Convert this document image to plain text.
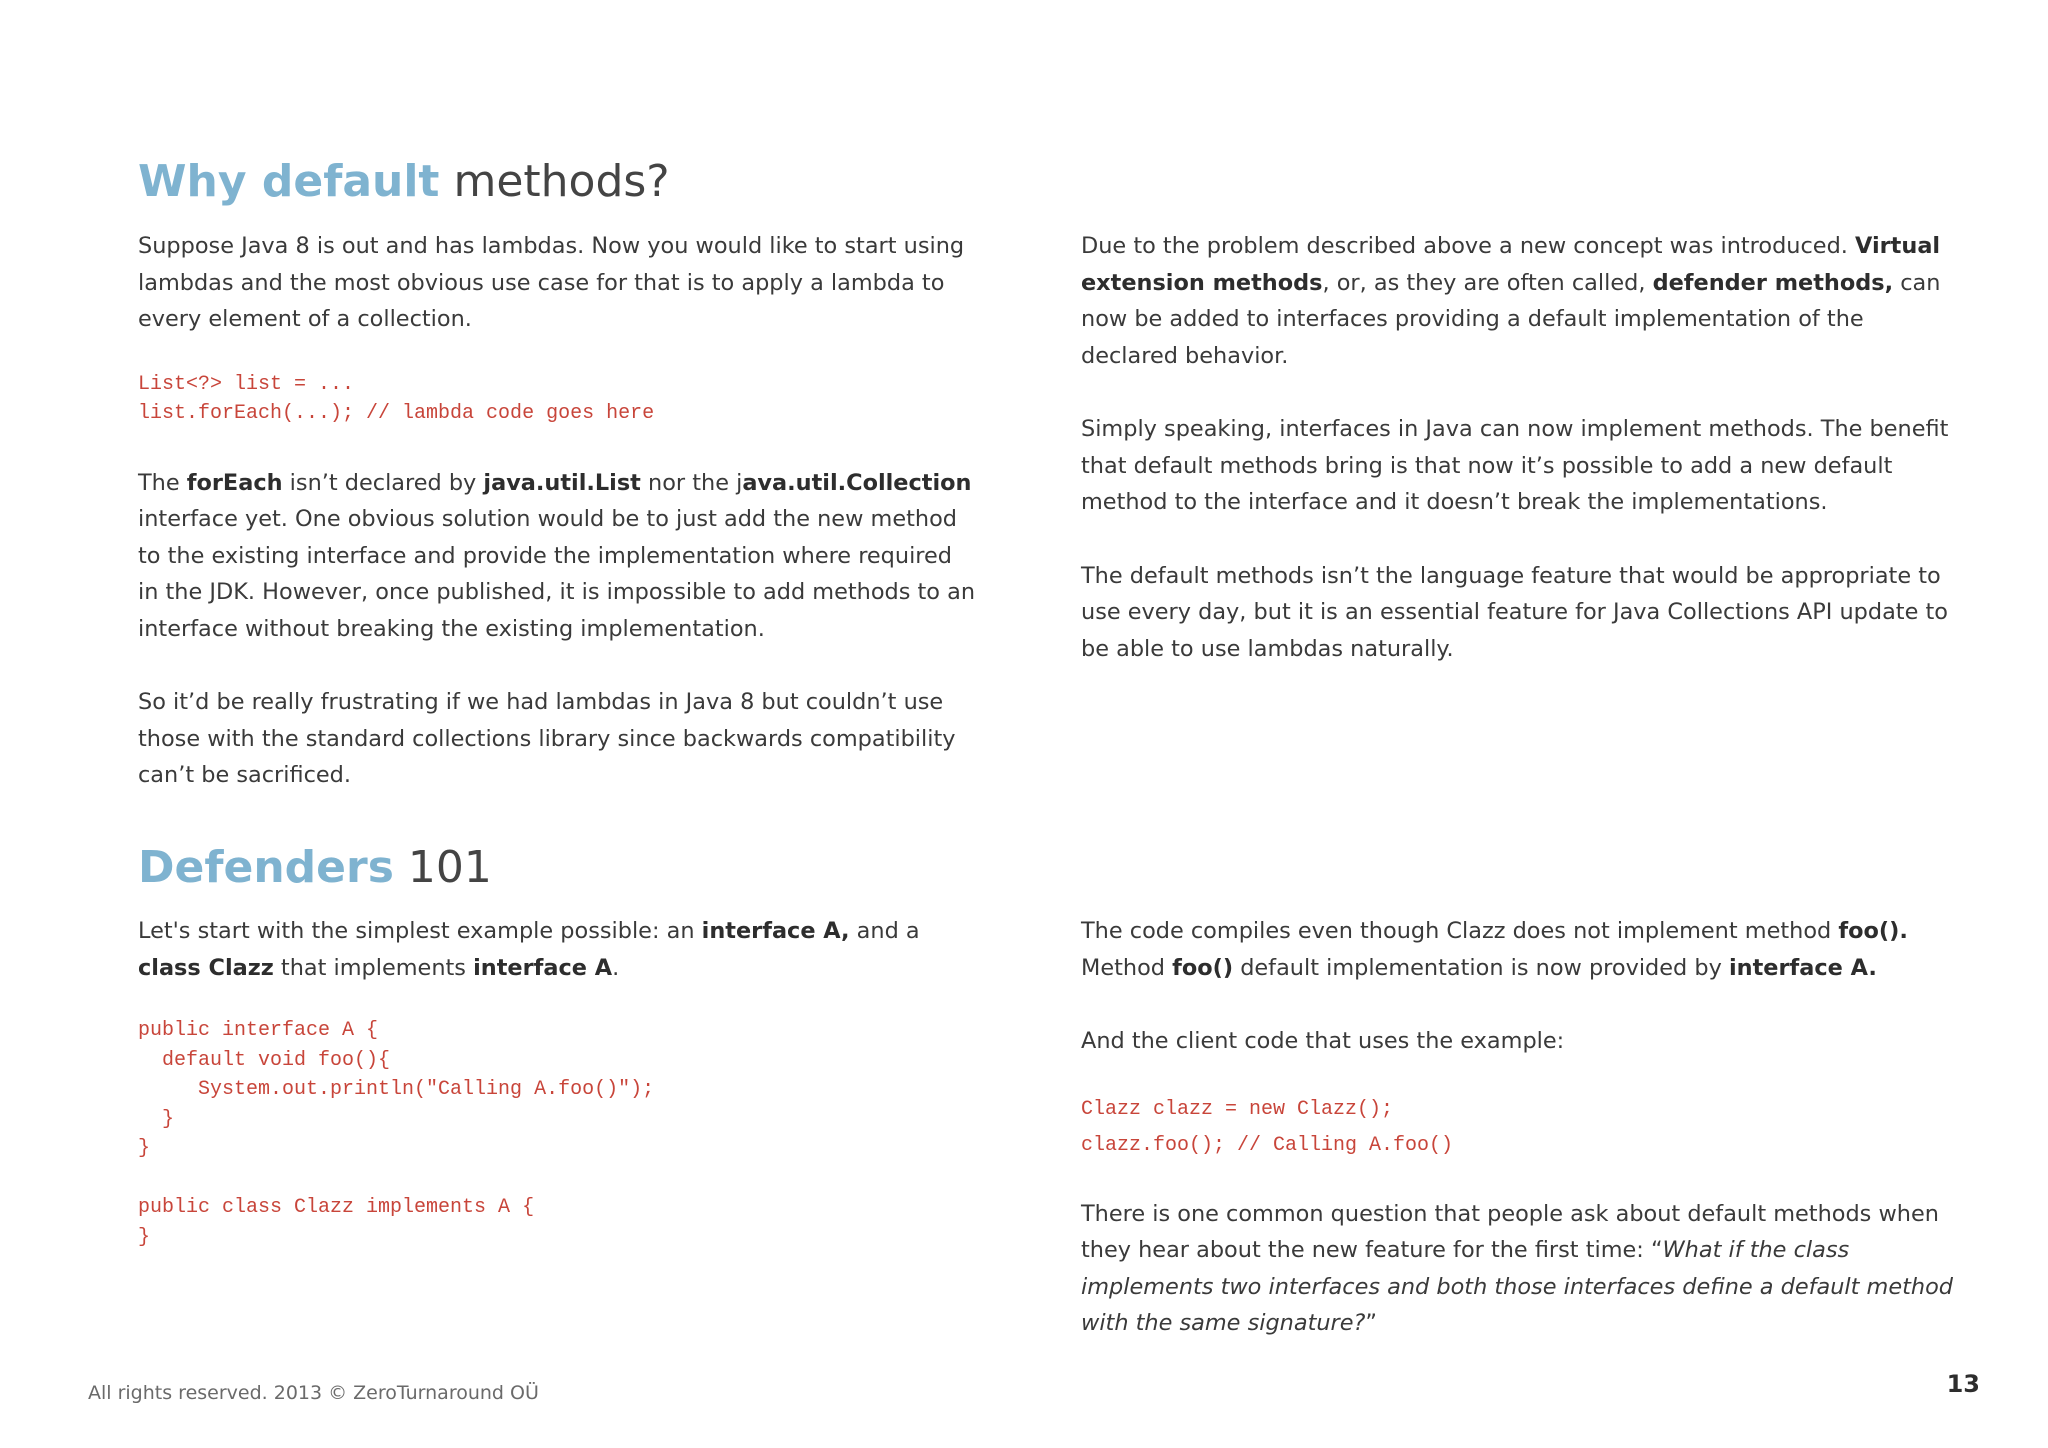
Why default methods?

Suppose Java 8 is out and has lambdas. Now you would like to start using lambdas and the most obvious use case for that is to apply a lambda to every element of a collection.

List<?> list = ...
list.forEach(...); // lambda code goes here

The forEach isn’t declared by java.util.List nor the java.util.Collection interface yet. One obvious solution would be to just add the new method to the existing interface and provide the implementation where required in the JDK. However, once published, it is impossible to add methods to an interface without breaking the existing implementation.

So it’d be really frustrating if we had lambdas in Java 8 but couldn’t use those with the standard collections library since backwards compatibility can’t be sacrificed.

Due to the problem described above a new concept was introduced. Virtual extension methods, or, as they are often called, defender methods, can now be added to interfaces providing a default implementation of the declared behavior.

Simply speaking, interfaces in Java can now implement methods. The benefit that default methods bring is that now it’s possible to add a new default method to the interface and it doesn’t break the implementations.

The default methods isn’t the language feature that would be appropriate to use every day, but it is an essential feature for Java Collections API update to be able to use lambdas naturally.

Defenders 101

Let's start with the simplest example possible: an interface A, and a class Clazz that implements interface A.

public interface A {
default void foo(){
System.out.println("Calling A.foo()");
}
}

public class Clazz implements A {
}

The code compiles even though Clazz does not implement method foo(). Method foo() default implementation is now provided by interface A.

And the client code that uses the example:

Clazz clazz = new Clazz();
clazz.foo(); // Calling A.foo()

There is one common question that people ask about default methods when they hear about the new feature for the first time: “What if the class implements two interfaces and both those interfaces define a default method with the same signature?”

All rights reserved. 2013 © ZeroTurnaround OÜ	13
